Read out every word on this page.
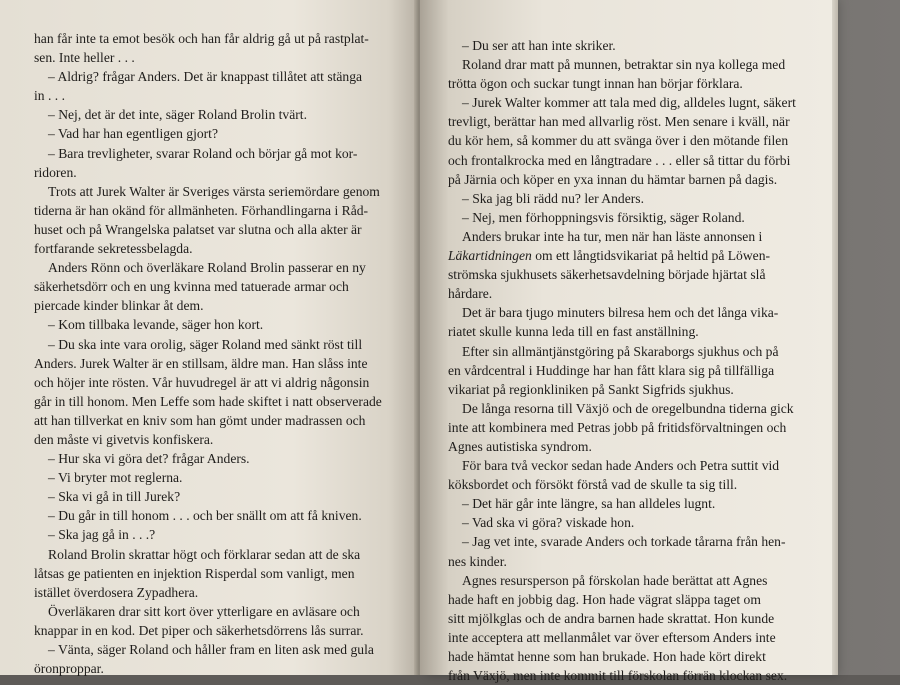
han får inte ta emot besök och han får aldrig gå ut på rastplat-
sen. Inte heller . . .
– Aldrig? frågar Anders. Det är knappast tillåtet att stänga
in . . .
– Nej, det är det inte, säger Roland Brolin tvärt.
– Vad har han egentligen gjort?
– Bara trevligheter, svarar Roland och börjar gå mot kor-
ridoren.
Trots att Jurek Walter är Sveriges värsta seriemördare genom
tiderna är han okänd för allmänheten. Förhandlingarna i Råd-
huset och på Wrangelska palatset var slutna och alla akter är
fortfarande sekretessbelagda.
Anders Rönn och överläkare Roland Brolin passerar en ny
säkerhetsdörr och en ung kvinna med tatuerade armar och
piercade kinder blinkar åt dem.
– Kom tillbaka levande, säger hon kort.
– Du ska inte vara orolig, säger Roland med sänkt röst till
Anders. Jurek Walter är en stillsam, äldre man. Han slåss inte
och höjer inte rösten. Vår huvudregel är att vi aldrig någonsin
går in till honom. Men Leffe som hade skiftet i natt observerade
att han tillverkat en kniv som han gömt under madrassen och
den måste vi givetvis konfiskera.
– Hur ska vi göra det? frågar Anders.
– Vi bryter mot reglerna.
– Ska vi gå in till Jurek?
– Du går in till honom . . . och ber snällt om att få kniven.
– Ska jag gå in . . .?
Roland Brolin skrattar högt och förklarar sedan att de ska
låtsas ge patienten en injektion Risperdal som vanligt, men
istället överdosera Zypadhera.
Överläkaren drar sitt kort över ytterligare en avläsare och
knappar in en kod. Det piper och säkerhetsdörrens lås surrar.
– Vänta, säger Roland och håller fram en liten ask med gula
öronproppar.
– Du ser att han inte skriker.
Roland drar matt på munnen, betraktar sin nya kollega med
trötta ögon och suckar tungt innan han börjar förklara.
– Jurek Walter kommer att tala med dig, alldeles lugnt, säkert
trevligt, berättar han med allvarlig röst. Men senare i kväll, när
du kör hem, så kommer du att svänga över i den mötande filen
och frontalkrocka med en långtradare . . . eller så tittar du förbi
på Järnia och köper en yxa innan du hämtar barnen på dagis.
– Ska jag bli rädd nu? ler Anders.
– Nej, men förhoppningsvis försiktig, säger Roland.
Anders brukar inte ha tur, men när han läste annonsen i
Läkartidningen om ett långtidsvikariat på heltid på Löwen-
strömska sjukhusets säkerhetsavdelning började hjärtat slå
hårdare.
Det är bara tjugo minuters bilresa hem och det långa vika-
riatet skulle kunna leda till en fast anställning.
Efter sin allmäntjänstgöring på Skaraborgs sjukhus och på
en vårdcentral i Huddinge har han fått klara sig på tillfälliga
vikariat på regionkliniken på Sankt Sigfrids sjukhus.
De långa resorna till Växjö och de oregelbundna tiderna gick
inte att kombinera med Petras jobb på fritidsförvaltningen och
Agnes autistiska syndrom.
För bara två veckor sedan hade Anders och Petra suttit vid
köksbordet och försökt förstå vad de skulle ta sig till.
– Det här går inte längre, sa han alldeles lugnt.
– Vad ska vi göra? viskade hon.
– Jag vet inte, svarade Anders och torkade tårarna från hen-
nes kinder.
Agnes resursperson på förskolan hade berättat att Agnes
hade haft en jobbig dag. Hon hade vägrat släppa taget om
sitt mjölkglas och de andra barnen hade skrattat. Hon kunde
inte acceptera att mellanmålet var över eftersom Anders inte
hade hämtat henne som han brukade. Hon hade kört direkt
från Växjö, men inte kommit till förskolan förrän klockan sex.
